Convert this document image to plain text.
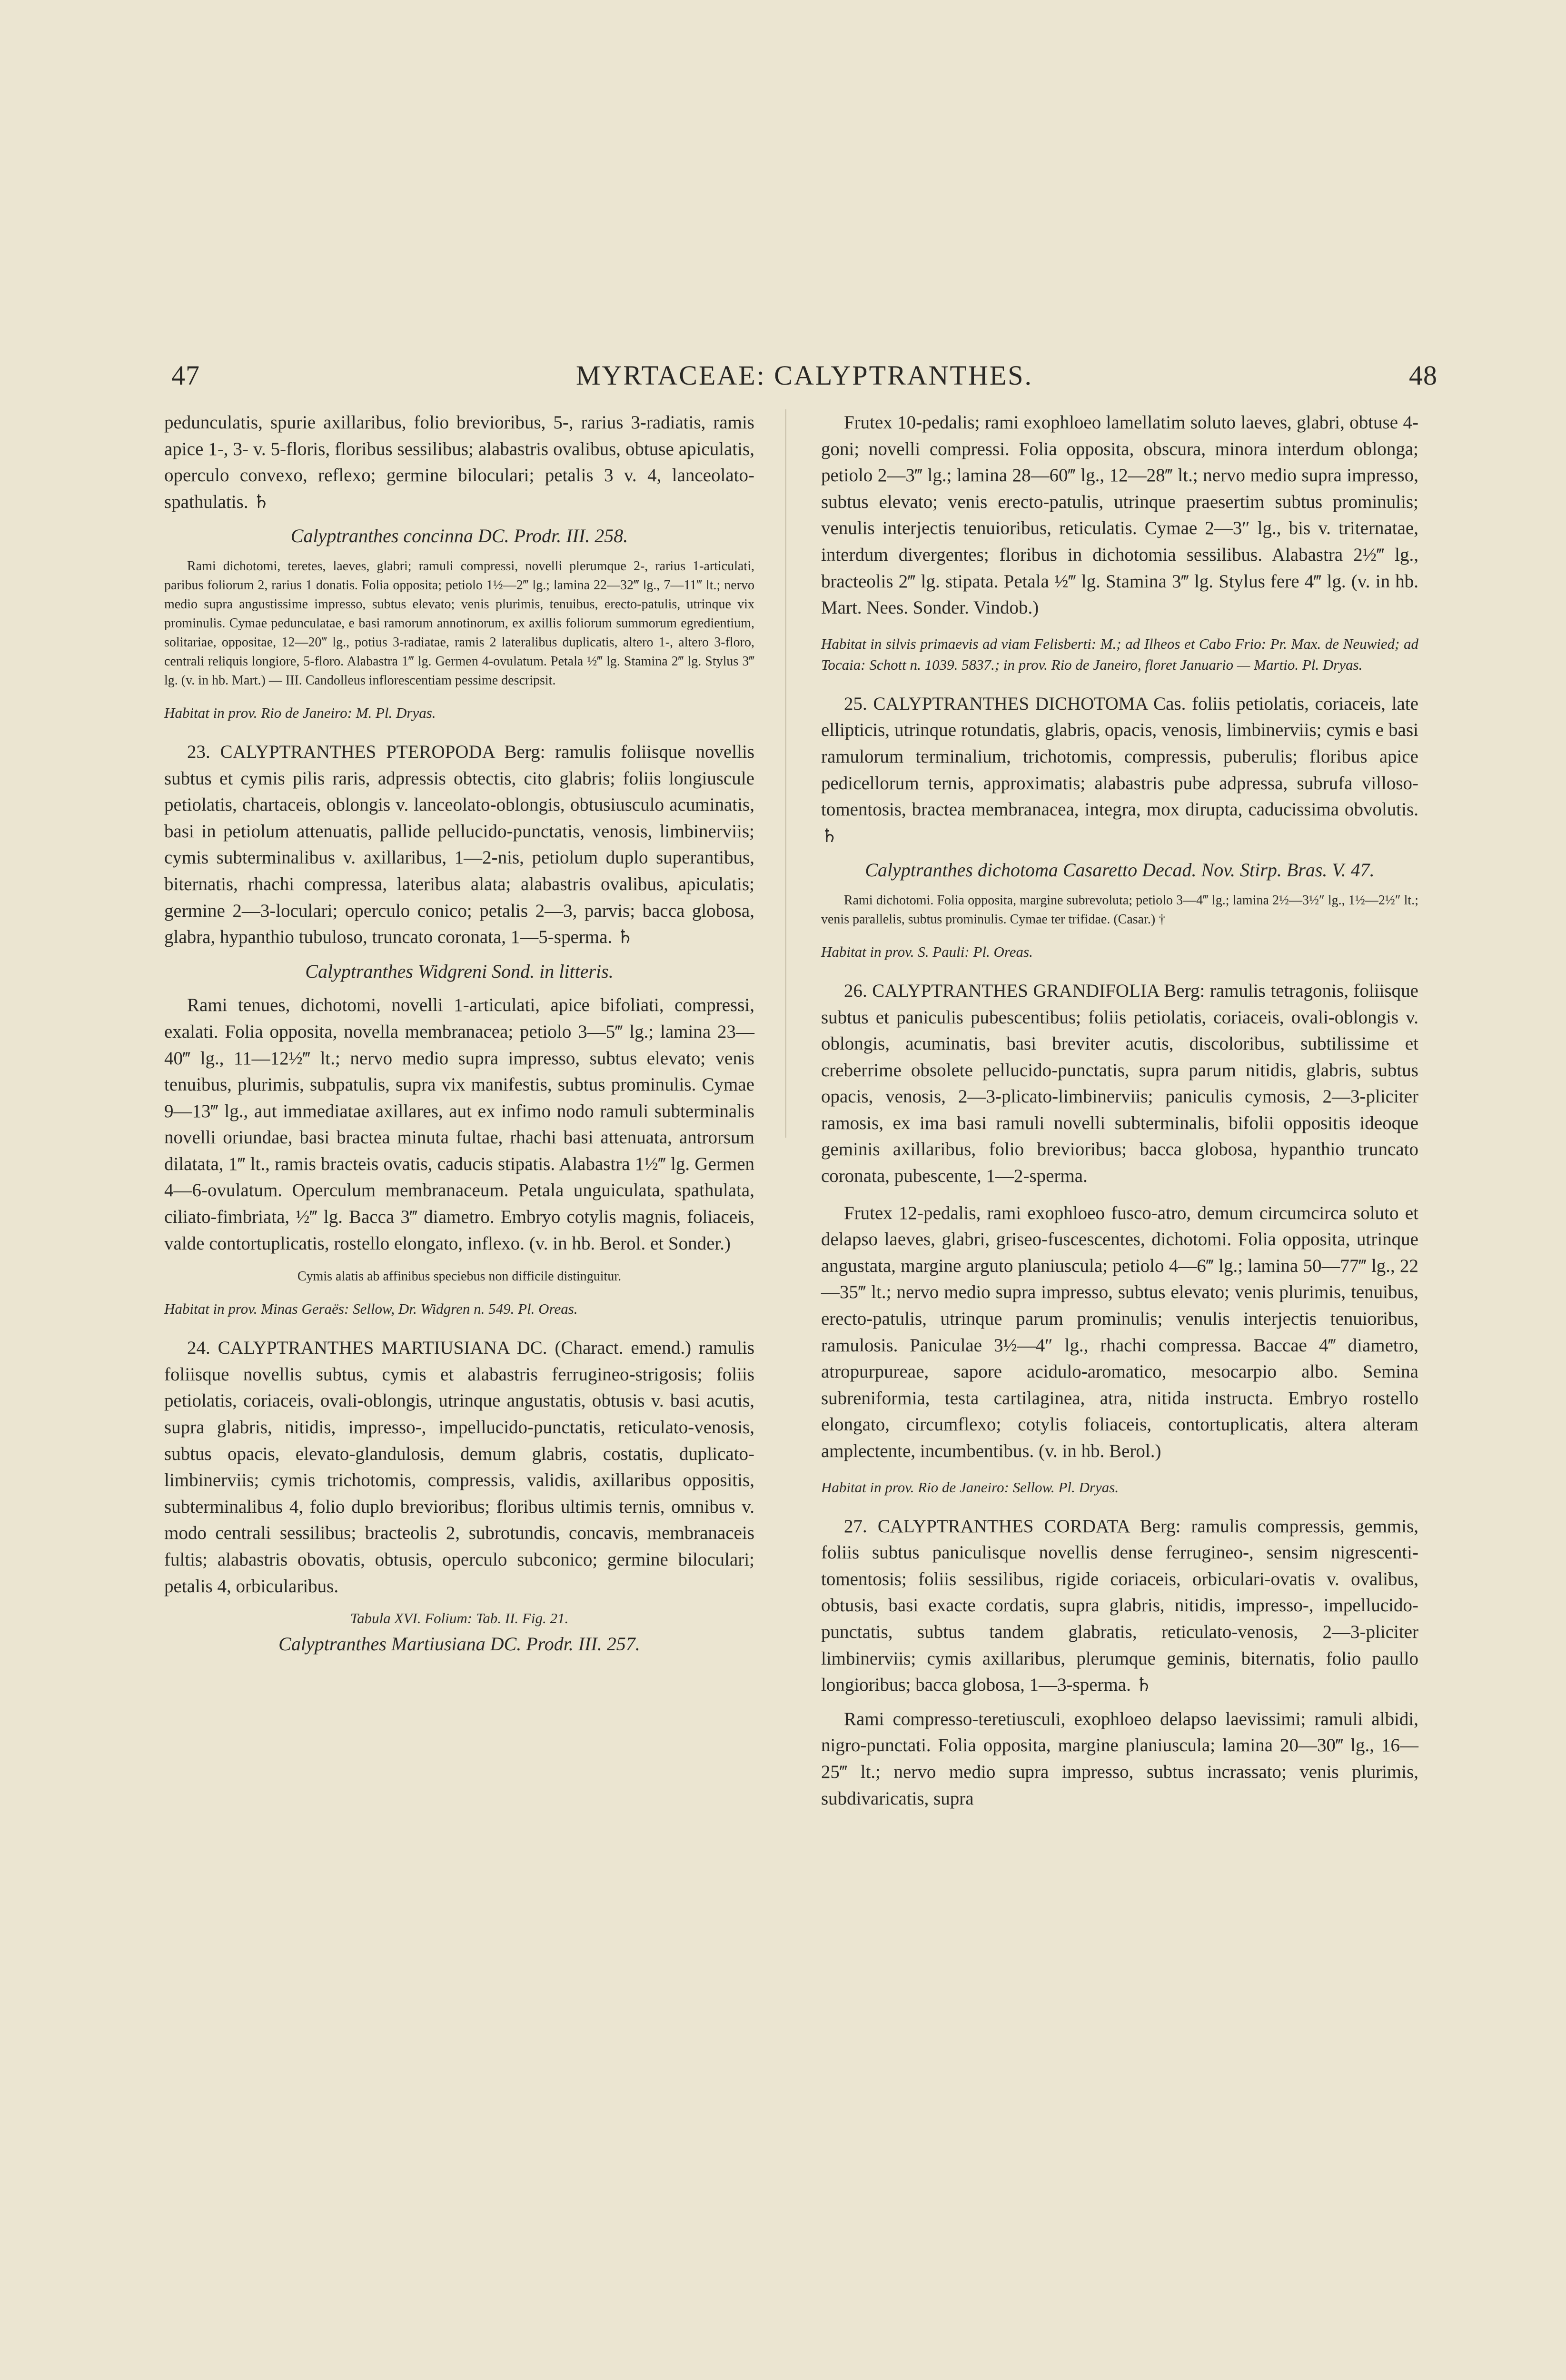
47	MYRTACEAE: CALYPTRANTHES.	48

pedunculatis, spurie axillaribus, folio brevioribus, 5-, rarius 3-radiatis, ramis apice 1-, 3- v. 5-floris, floribus sessilibus; alabastris ovalibus, obtuse apiculatis, operculo convexo, reflexo; germine biloculari; petalis 3 v. 4, lanceolato-spathulatis. ♄

Calyptranthes concinna DC. Prodr. III. 258.

Rami dichotomi, teretes, laeves, glabri; ramuli compressi, novelli plerumque 2-, rarius 1-articulati, paribus foliorum 2, rarius 1 donatis. Folia opposita; petiolo 1½—2‴ lg.; lamina 22—32‴ lg., 7—11‴ lt.; nervo medio supra angustissime impresso, subtus elevato; venis plurimis, tenuibus, erecto-patulis, utrinque vix prominulis. Cymae pedunculatae, e basi ramorum annotinorum, ex axillis foliorum summorum egredientium, solitariae, oppositae, 12—20‴ lg., potius 3-radiatae, ramis 2 lateralibus duplicatis, altero 1-, altero 3-floro, centrali reliquis longiore, 5-floro. Alabastra 1‴ lg. Germen 4-ovulatum. Petala ½‴ lg. Stamina 2‴ lg. Stylus 3‴ lg. (v. in hb. Mart.) — III. Candolleus inflorescentiam pessime descripsit.

Habitat in prov. Rio de Janeiro: M. Pl. Dryas.

23. CALYPTRANTHES PTEROPODA Berg: ramulis foliisque novellis subtus et cymis pilis raris, adpressis obtectis, cito glabris; foliis longiuscule petiolatis, chartaceis, oblongis v. lanceolato-oblongis, obtusiusculo acuminatis, basi in petiolum attenuatis, pallide pellucido-punctatis, venosis, limbinerviis; cymis subterminalibus v. axillaribus, 1—2-nis, petiolum duplo superantibus, biternatis, rhachi compressa, lateribus alata; alabastris ovalibus, apiculatis; germine 2—3-loculari; operculo conico; petalis 2—3, parvis; bacca globosa, glabra, hypanthio tubuloso, truncato coronata, 1—5-sperma. ♄

Calyptranthes Widgreni Sond. in litteris.

Rami tenues, dichotomi, novelli 1-articulati, apice bifoliati, compressi, exalati. Folia opposita, novella membranacea; petiolo 3—5‴ lg.; lamina 23—40‴ lg., 11—12½‴ lt.; nervo medio supra impresso, subtus elevato; venis tenuibus, plurimis, subpatulis, supra vix manifestis, subtus prominulis. Cymae 9—13‴ lg., aut immediatae axillares, aut ex infimo nodo ramuli subterminalis novelli oriundae, basi bractea minuta fultae, rhachi basi attenuata, antrorsum dilatata, 1‴ lt., ramis bracteis ovatis, caducis stipatis. Alabastra 1½‴ lg. Germen 4—6-ovulatum. Operculum membranaceum. Petala unguiculata, spathulata, ciliato-fimbriata, ½‴ lg. Bacca 3‴ diametro. Embryo cotylis magnis, foliaceis, valde contortuplicatis, rostello elongato, inflexo. (v. in hb. Berol. et Sonder.)

Cymis alatis ab affinibus speciebus non difficile distinguitur.

Habitat in prov. Minas Geraës: Sellow, Dr. Widgren n. 549. Pl. Oreas.

24. CALYPTRANTHES MARTIUSIANA DC. (Charact. emend.) ramulis foliisque novellis subtus, cymis et alabastris ferrugineo-strigosis; foliis petiolatis, coriaceis, ovali-oblongis, utrinque angustatis, obtusis v. basi acutis, supra glabris, nitidis, impresso-, impellucido-punctatis, reticulato-venosis, subtus opacis, elevato-glandulosis, demum glabris, costatis, duplicato-limbinerviis; cymis trichotomis, compressis, validis, axillaribus oppositis, subterminalibus 4, folio duplo brevioribus; floribus ultimis ternis, omnibus v. modo centrali sessilibus; bracteolis 2, subrotundis, concavis, membranaceis fultis; alabastris obovatis, obtusis, operculo subconico; germine biloculari; petalis 4, orbicularibus.

Tabula XVI. Folium: Tab. II. Fig. 21.

Calyptranthes Martiusiana DC. Prodr. III. 257.

Frutex 10-pedalis; rami exophloeo lamellatim soluto laeves, glabri, obtuse 4-goni; novelli compressi. Folia opposita, obscura, minora interdum oblonga; petiolo 2—3‴ lg.; lamina 28—60‴ lg., 12—28‴ lt.; nervo medio supra impresso, subtus elevato; venis erecto-patulis, utrinque praesertim subtus prominulis; venulis interjectis tenuioribus, reticulatis. Cymae 2—3″ lg., bis v. triternatae, interdum divergentes; floribus in dichotomia sessilibus. Alabastra 2½‴ lg., bracteolis 2‴ lg. stipata. Petala ½‴ lg. Stamina 3‴ lg. Stylus fere 4‴ lg. (v. in hb. Mart. Nees. Sonder. Vindob.)

Habitat in silvis primaevis ad viam Felisberti: M.; ad Ilheos et Cabo Frio: Pr. Max. de Neuwied; ad Tocaia: Schott n. 1039. 5837.; in prov. Rio de Janeiro, floret Januario — Martio. Pl. Dryas.

25. CALYPTRANTHES DICHOTOMA Cas. foliis petiolatis, coriaceis, late ellipticis, utrinque rotundatis, glabris, opacis, venosis, limbinerviis; cymis e basi ramulorum terminalium, trichotomis, compressis, puberulis; floribus apice pedicellorum ternis, approximatis; alabastris pube adpressa, subrufa villoso-tomentosis, bractea membranacea, integra, mox dirupta, caducissima obvolutis. ♄

Calyptranthes dichotoma Casaretto Decad. Nov. Stirp. Bras. V. 47.

Rami dichotomi. Folia opposita, margine subrevoluta; petiolo 3—4‴ lg.; lamina 2½—3½″ lg., 1½—2½″ lt.; venis parallelis, subtus prominulis. Cymae ter trifidae. (Casar.) †

Habitat in prov. S. Pauli: Pl. Oreas.

26. CALYPTRANTHES GRANDIFOLIA Berg: ramulis tetragonis, foliisque subtus et paniculis pubescentibus; foliis petiolatis, coriaceis, ovali-oblongis v. oblongis, acuminatis, basi breviter acutis, discoloribus, subtilissime et creberrime obsolete pellucido-punctatis, supra parum nitidis, glabris, subtus opacis, venosis, 2—3-plicato-limbinerviis; paniculis cymosis, 2—3-pliciter ramosis, ex ima basi ramuli novelli subterminalis, bifolii oppositis ideoque geminis axillaribus, folio brevioribus; bacca globosa, hypanthio truncato coronata, pubescente, 1—2-sperma.

Frutex 12-pedalis, rami exophloeo fusco-atro, demum circumcirca soluto et delapso laeves, glabri, griseo-fuscescentes, dichotomi. Folia opposita, utrinque angustata, margine arguto planiuscula; petiolo 4—6‴ lg.; lamina 50—77‴ lg., 22—35‴ lt.; nervo medio supra impresso, subtus elevato; venis plurimis, tenuibus, erecto-patulis, utrinque parum prominulis; venulis interjectis tenuioribus, ramulosis. Paniculae 3½—4″ lg., rhachi compressa. Baccae 4‴ diametro, atropurpureae, sapore acidulo-aromatico, mesocarpio albo. Semina subreniformia, testa cartilaginea, atra, nitida instructa. Embryo rostello elongato, circumflexo; cotylis foliaceis, contortuplicatis, altera alteram amplectente, incumbentibus. (v. in hb. Berol.)

Habitat in prov. Rio de Janeiro: Sellow. Pl. Dryas.

27. CALYPTRANTHES CORDATA Berg: ramulis compressis, gemmis, foliis subtus paniculisque novellis dense ferrugineo-, sensim nigrescenti-tomentosis; foliis sessilibus, rigide coriaceis, orbiculari-ovatis v. ovalibus, obtusis, basi exacte cordatis, supra glabris, nitidis, impresso-, impellucido-punctatis, subtus tandem glabratis, reticulato-venosis, 2—3-pliciter limbinerviis; cymis axillaribus, plerumque geminis, biternatis, folio paullo longioribus; bacca globosa, 1—3-sperma. ♄

Rami compresso-teretiusculi, exophloeo delapso laevissimi; ramuli albidi, nigro-punctati. Folia opposita, margine planiuscula; lamina 20—30‴ lg., 16—25‴ lt.; nervo medio supra impresso, subtus incrassato; venis plurimis, subdivaricatis, supra
